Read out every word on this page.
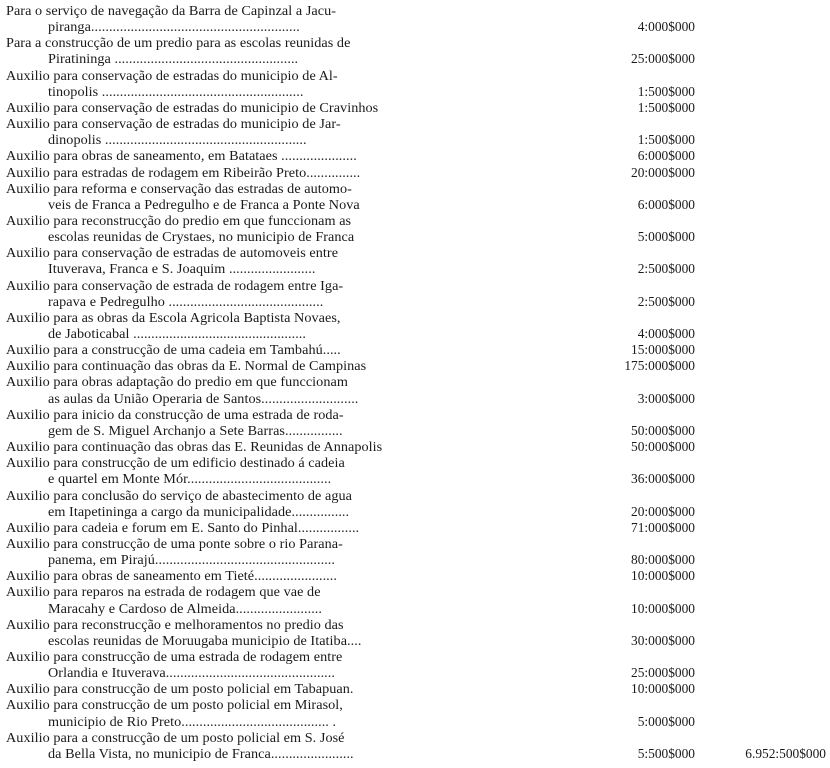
Para o serviço de navegação da Barra de Capinzal a Jacu-
piranga..........................................................	4:000$000
Para a construcção de um predio para as escolas reunidas de
Piratininga ...................................................	25:000$000
Auxilio para conservação de estradas do municipio de Al-
tinopolis ........................................................	1:500$000
Auxilio para conservação de estradas do municipio de Cravinhos	1:500$000
Auxilio para conservação de estradas do municipio de Jar-
dinopolis ........................................................	1:500$000
Auxilio para obras de saneamento, em Batataes .....................	6:000$000
Auxilio para estradas de rodagem em Ribeirão Preto...............	20:000$000
Auxilio para reforma e conservação das estradas de automo-
veis de Franca a Pedregulho e de Franca a Ponte Nova	6:000$000
Auxilio para reconstrucção do predio em que funccionam as
escolas reunidas de Crystaes, no municipio de Franca	5:000$000
Auxilio para conservação de estradas de automoveis entre
Ituverava, Franca e S. Joaquim ........................	2:500$000
Auxilio para conservação de estrada de rodagem entre Iga-
rapava e Pedregulho ...........................................	2:500$000
Auxilio para as obras da Escola Agricola Baptista Novaes,
de Jaboticabal ................................................	4:000$000
Auxilio para a construcção de uma cadeia em Tambahú.....	15:000$000
Auxilio para continuação das obras da E. Normal de Campinas	175:000$000
Auxilio para obras adaptação do predio em que funccionam
as aulas da União Operaria de Santos...........................	3:000$000
Auxilio para inicio da construcção de uma estrada de roda-
gem de S. Miguel Archanjo a Sete Barras................	50:000$000
Auxilio para continuação das obras das E. Reunidas de Annapolis	50:000$000
Auxilio para construcção de um edificio destinado á cadeia
e quartel em Monte Mór........................................	36:000$000
Auxilio para conclusão do serviço de abastecimento de agua
em Itapetininga a cargo da municipalidade................	20:000$000
Auxilio para cadeia e forum em E. Santo do Pinhal.................	71:000$000
Auxilio para construcção de uma ponte sobre o rio Parana-
panema, em Pirajú..................................................	80:000$000
Auxilio para obras de saneamento em Tieté.......................	10:000$000
Auxilio para reparos na estrada de rodagem que vae de
Maracahy e Cardoso de Almeida........................	10:000$000
Auxilio para reconstrucção e melhoramentos no predio das
escolas reunidas de Moruugaba municipio de Itatiba....	30:000$000
Auxilio para construcção de uma estrada de rodagem entre
Orlandia e Ituverava...............................................	25:000$000
Auxilio para construcção de um posto policial em Tabapuan.	10:000$000
Auxilio para construcção de um posto policial em Mirasol,
municipio de Rio Preto......................................... .	5:000$000
Auxilio para a construcção de um posto policial em S. José
da Bella Vista, no municipio de Franca.......................	5:500$000	6.952:500$000
